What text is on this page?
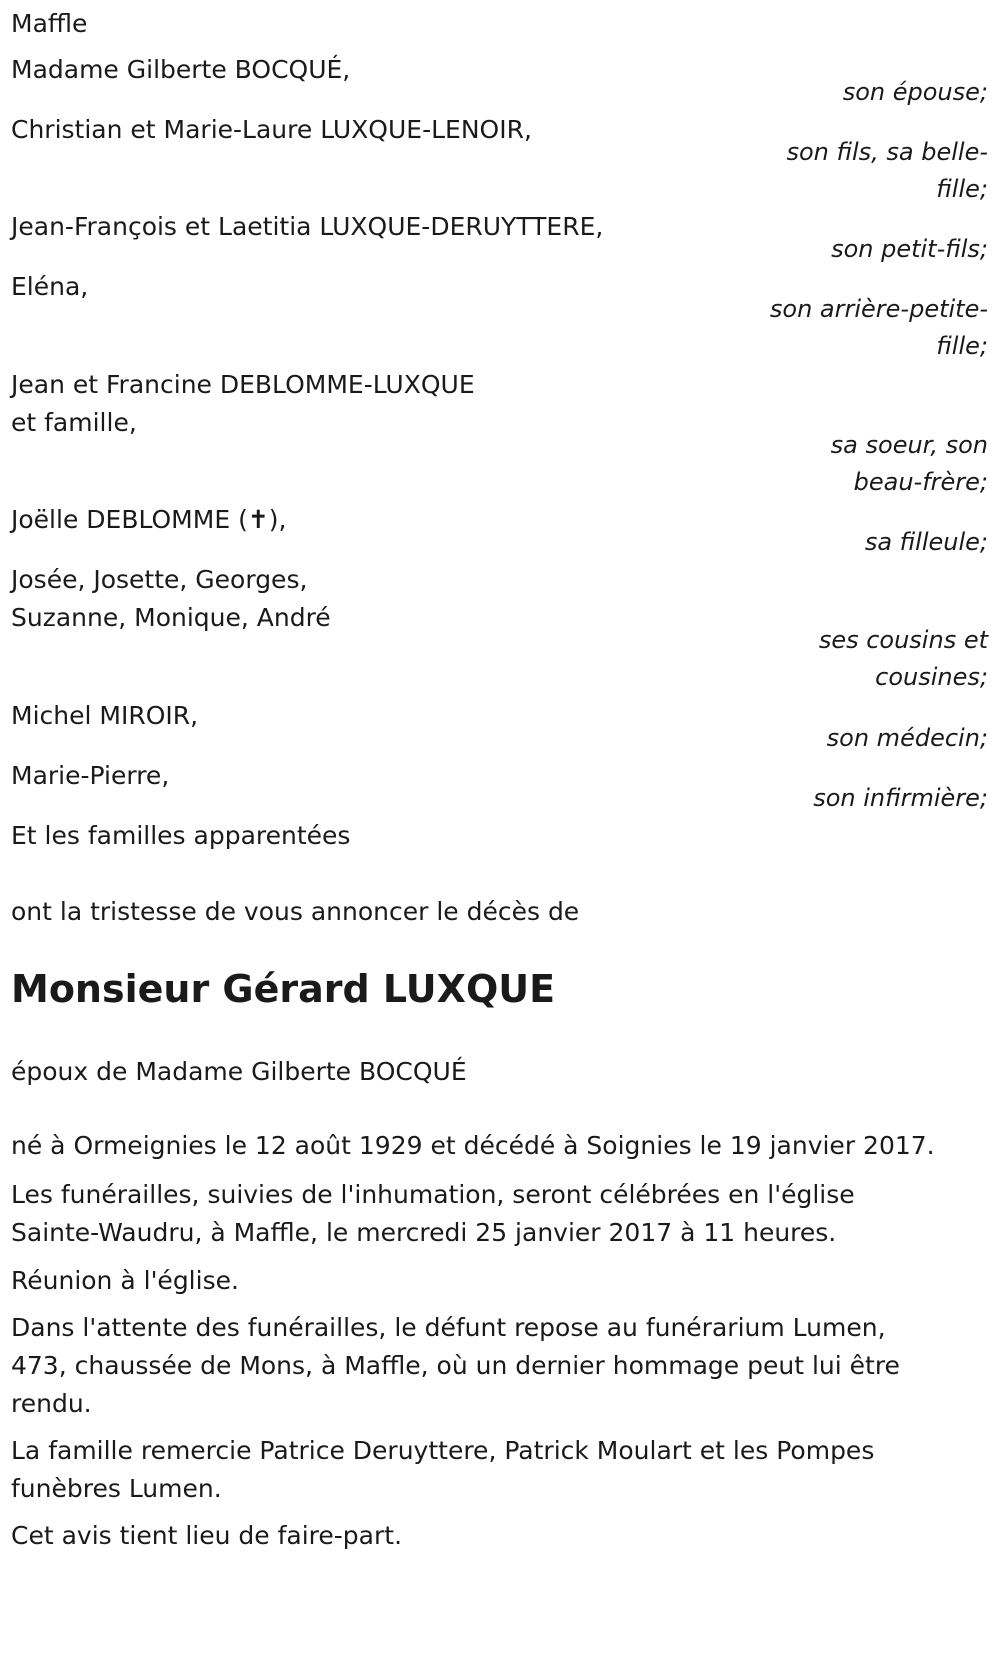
Maffle
Madame Gilberte BOCQUÉ,
son épouse;
Christian et Marie-Laure LUXQUE-LENOIR,
son fils, sa belle-
fille;
Jean-François et Laetitia LUXQUE-DERUYTTERE,
son petit-fils;
Eléna,
son arrière-petite-
fille;
Jean et Francine DEBLOMME-LUXQUE
et famille,
sa soeur, son
beau-frère;
Joëlle DEBLOMME (✝),
sa filleule;
Josée, Josette, Georges,
Suzanne, Monique, André
ses cousins et
cousines;
Michel MIROIR,
son médecin;
Marie-Pierre,
son infirmière;
Et les familles apparentées
ont la tristesse de vous annoncer le décès de
Monsieur Gérard LUXQUE
époux de Madame Gilberte BOCQUÉ
né à Ormeignies le 12 août 1929 et décédé à Soignies le 19 janvier 2017.
Les funérailles, suivies de l'inhumation, seront célébrées en l'église
Sainte-Waudru, à Maffle, le mercredi 25 janvier 2017 à 11 heures.
Réunion à l'église.
Dans l'attente des funérailles, le défunt repose au funérarium Lumen,
473, chaussée de Mons, à Maffle, où un dernier hommage peut lui être
rendu.
La famille remercie Patrice Deruyttere, Patrick Moulart et les Pompes
funèbres Lumen.
Cet avis tient lieu de faire-part.
